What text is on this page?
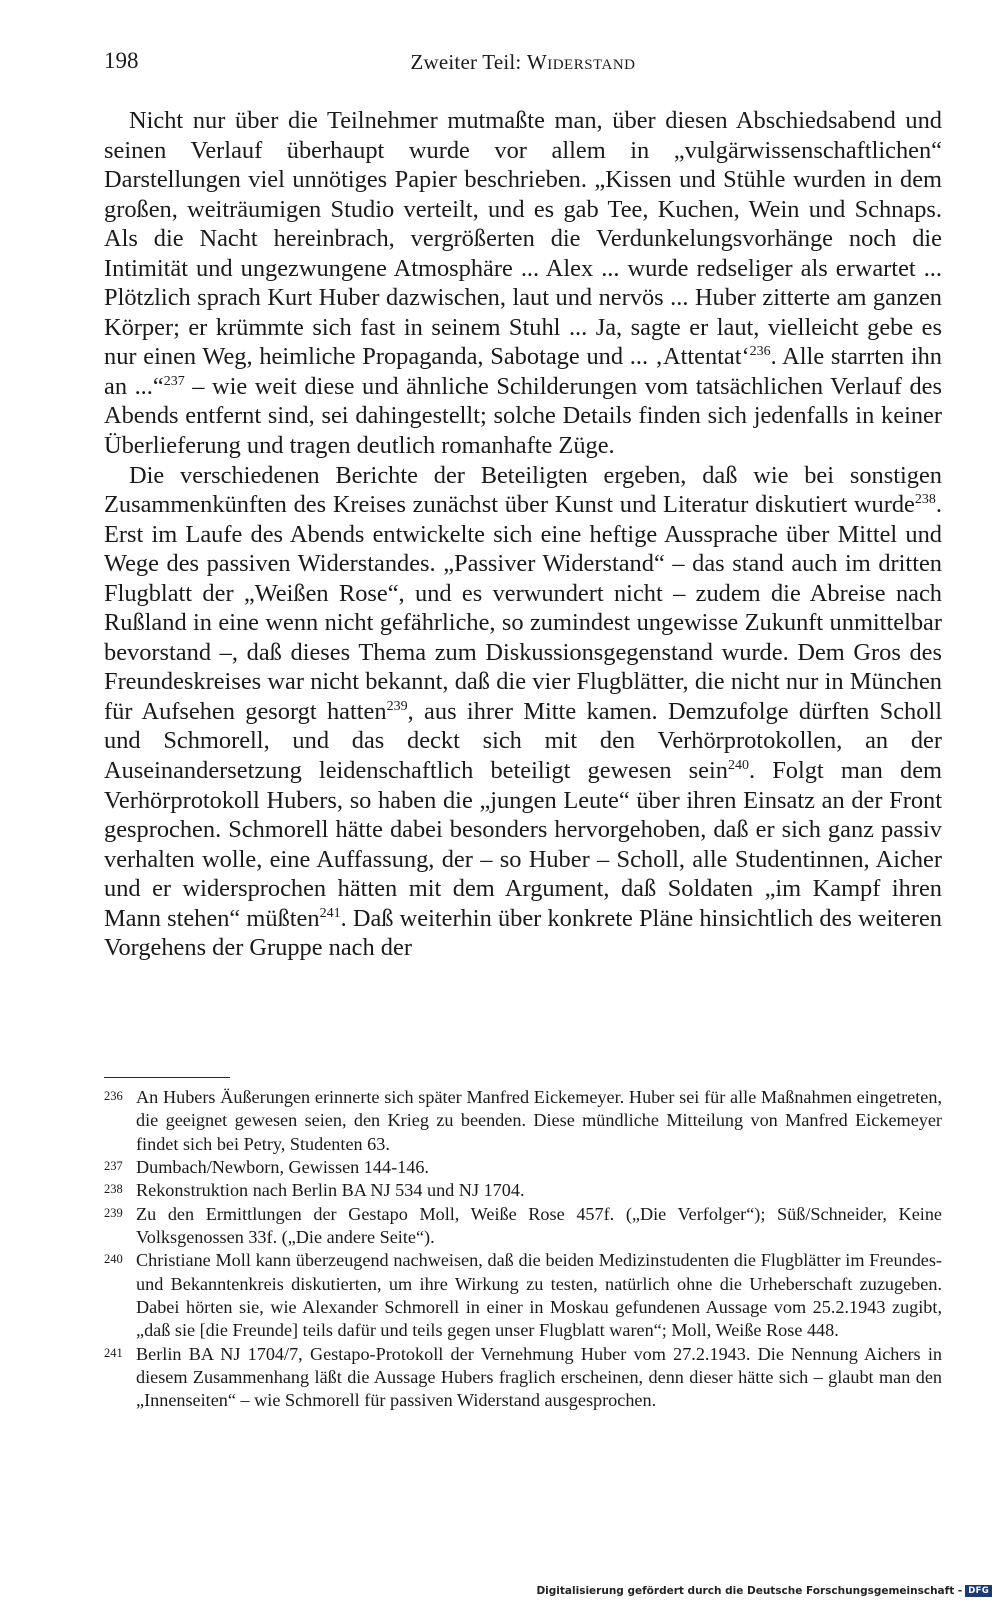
198	Zweiter Teil: Widerstand

Nicht nur über die Teilnehmer mutmaßte man, über diesen Abschiedsabend und seinen Verlauf überhaupt wurde vor allem in „vulgärwissenschaftlichen“ Darstellungen viel unnötiges Papier beschrieben. „Kissen und Stühle wurden in dem großen, weiträumigen Studio verteilt, und es gab Tee, Kuchen, Wein und Schnaps. Als die Nacht hereinbrach, vergrößerten die Verdunkelungsvorhänge noch die Intimität und ungezwungene Atmosphäre ... Alex ... wurde redseliger als erwartet ... Plötzlich sprach Kurt Huber dazwischen, laut und nervös ... Huber zitterte am ganzen Körper; er krümmte sich fast in seinem Stuhl ... Ja, sagte er laut, vielleicht gebe es nur einen Weg, heimliche Propaganda, Sabotage und ... ‚Attentat‘$^{236}$. Alle starrten ihn an ...“$^{237}$ – wie weit diese und ähnliche Schilderungen vom tatsächlichen Verlauf des Abends entfernt sind, sei dahingestellt; solche Details finden sich jedenfalls in keiner Überlieferung und tragen deutlich romanhafte Züge.

Die verschiedenen Berichte der Beteiligten ergeben, daß wie bei sonstigen Zusammenkünften des Kreises zunächst über Kunst und Literatur diskutiert wurde$^{238}$. Erst im Laufe des Abends entwickelte sich eine heftige Aussprache über Mittel und Wege des passiven Widerstandes. „Passiver Widerstand“ – das stand auch im dritten Flugblatt der „Weißen Rose“, und es verwundert nicht – zudem die Abreise nach Rußland in eine wenn nicht gefährliche, so zumindest ungewisse Zukunft unmittelbar bevorstand –, daß dieses Thema zum Diskussionsgegenstand wurde. Dem Gros des Freundeskreises war nicht bekannt, daß die vier Flugblätter, die nicht nur in München für Aufsehen gesorgt hatten$^{239}$, aus ihrer Mitte kamen. Demzufolge dürften Scholl und Schmorell, und das deckt sich mit den Verhörprotokollen, an der Auseinandersetzung leidenschaftlich beteiligt gewesen sein$^{240}$. Folgt man dem Verhörprotokoll Hubers, so haben die „jungen Leute“ über ihren Einsatz an der Front gesprochen. Schmorell hätte dabei besonders hervorgehoben, daß er sich ganz passiv verhalten wolle, eine Auffassung, der – so Huber – Scholl, alle Studentinnen, Aicher und er widersprochen hätten mit dem Argument, daß Soldaten „im Kampf ihren Mann stehen“ müßten$^{241}$. Daß weiterhin über konkrete Pläne hinsichtlich des weiteren Vorgehens der Gruppe nach der

236 An Hubers Äußerungen erinnerte sich später Manfred Eickemeyer. Huber sei für alle Maßnahmen eingetreten, die geeignet gewesen seien, den Krieg zu beenden. Diese mündliche Mitteilung von Manfred Eickemeyer findet sich bei Petry, Studenten 63.
237 Dumbach/Newborn, Gewissen 144-146.
238 Rekonstruktion nach Berlin BA NJ 534 und NJ 1704.
239 Zu den Ermittlungen der Gestapo Moll, Weiße Rose 457f. („Die Verfolger“); Süß/Schneider, Keine Volksgenossen 33f. („Die andere Seite“).
240 Christiane Moll kann überzeugend nachweisen, daß die beiden Medizinstudenten die Flugblätter im Freundes- und Bekanntenkreis diskutierten, um ihre Wirkung zu testen, natürlich ohne die Urheberschaft zuzugeben. Dabei hörten sie, wie Alexander Schmorell in einer in Moskau gefundenen Aussage vom 25.2.1943 zugibt, „daß sie [die Freunde] teils dafür und teils gegen unser Flugblatt waren“; Moll, Weiße Rose 448.
241 Berlin BA NJ 1704/7, Gestapo-Protokoll der Vernehmung Huber vom 27.2.1943. Die Nennung Aichers in diesem Zusammenhang läßt die Aussage Hubers fraglich erscheinen, denn dieser hätte sich – glaubt man den „Innenseiten“ – wie Schmorell für passiven Widerstand ausgesprochen.
Digitalisierung gefördert durch die Deutsche Forschungsgemeinschaft - DFG
